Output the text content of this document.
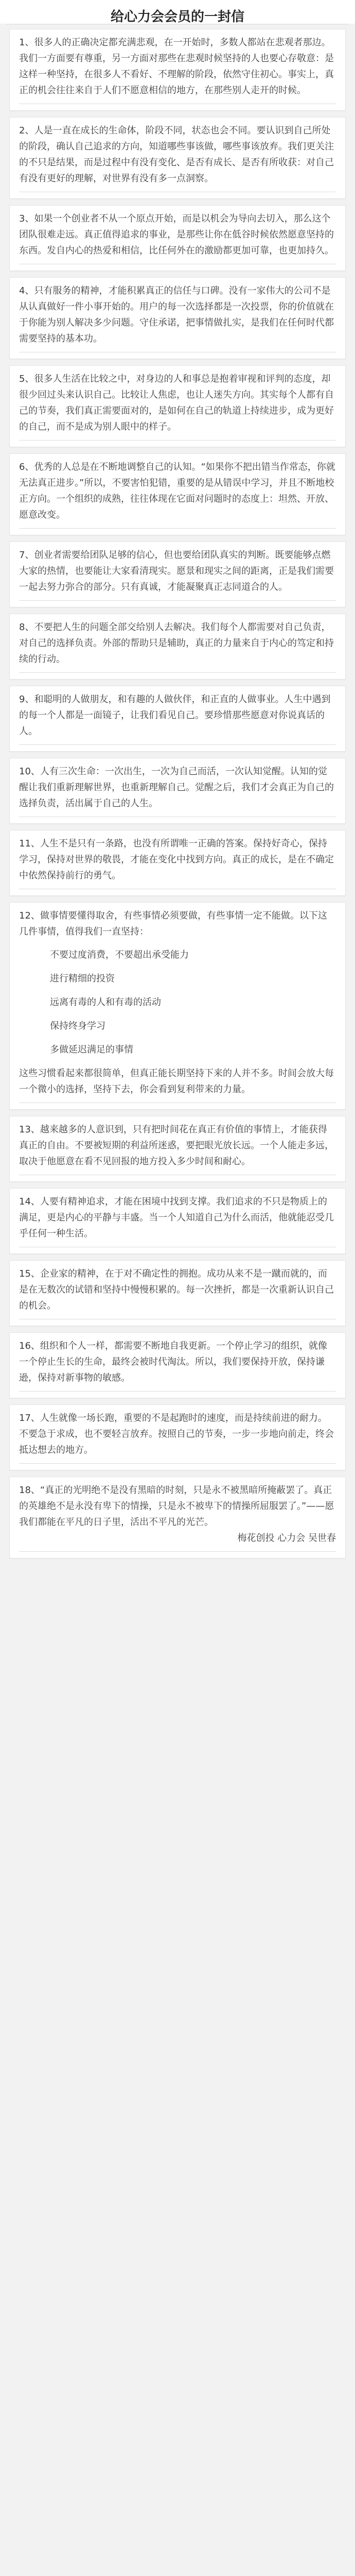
给心力会会员的一封信

1、很多人的正确决定都充满悲观，在一开始时，多数人都站在悲观者那边。我们一方面要有尊重，另一方面对那些在悲观时候坚持的人也要心存敬意：是这样一种坚持，在很多人不看好、不理解的阶段，依然守住初心。事实上，真正的机会往往来自于人们不愿意相信的地方，在那些别人走开的时候。

2、人是一直在成长的生命体，阶段不同，状态也会不同。要认识到自己所处的阶段，确认自己追求的方向，知道哪些事该做，哪些事该放弃。我们更关注的不只是结果，而是过程中有没有变化、是否有成长、是否有所收获：对自己有没有更好的理解，对世界有没有多一点洞察。

3、如果一个创业者不从一个原点开始，而是以机会为导向去切入，那么这个团队很难走远。真正值得追求的事业，是那些让你在低谷时候依然愿意坚持的东西。发自内心的热爱和相信，比任何外在的激励都更加可靠，也更加持久。

4、只有服务的精神，才能积累真正的信任与口碑。没有一家伟大的公司不是从认真做好一件小事开始的。用户的每一次选择都是一次投票，你的价值就在于你能为别人解决多少问题。守住承诺，把事情做扎实，是我们在任何时代都需要坚持的基本功。

5、很多人生活在比较之中，对身边的人和事总是抱着审视和评判的态度，却很少回过头来认识自己。比较让人焦虑，也让人迷失方向。其实每个人都有自己的节奏，我们真正需要面对的，是如何在自己的轨道上持续进步，成为更好的自己，而不是成为别人眼中的样子。

6、优秀的人总是在不断地调整自己的认知。“如果你不把出错当作常态，你就无法真正进步。”所以，不要害怕犯错，重要的是从错误中学习，并且不断地校正方向。一个组织的成熟，往往体现在它面对问题时的态度上：坦然、开放、愿意改变。

7、创业者需要给团队足够的信心，但也要给团队真实的判断。既要能够点燃大家的热情，也要能让大家看清现实。愿景和现实之间的距离，正是我们需要一起去努力弥合的部分。只有真诚，才能凝聚真正志同道合的人。

8、不要把人生的问题全部交给别人去解决。我们每个人都需要对自己负责，对自己的选择负责。外部的帮助只是辅助，真正的力量来自于内心的笃定和持续的行动。

9、和聪明的人做朋友，和有趣的人做伙伴，和正直的人做事业。人生中遇到的每一个人都是一面镜子，让我们看见自己。要珍惜那些愿意对你说真话的人。

10、人有三次生命：一次出生，一次为自己而活，一次认知觉醒。认知的觉醒让我们重新理解世界，也重新理解自己。觉醒之后，我们才会真正为自己的选择负责，活出属于自己的人生。

11、人生不是只有一条路，也没有所谓唯一正确的答案。保持好奇心，保持学习，保持对世界的敬畏，才能在变化中找到方向。真正的成长，是在不确定中依然保持前行的勇气。

12、做事情要懂得取舍，有些事情必须要做，有些事情一定不能做。以下这几件事情，值得我们一直坚持：

不要过度消费，不要超出承受能力
进行精细的投资
远离有毒的人和有毒的活动
保持终身学习
多做延迟满足的事情

这些习惯看起来都很简单，但真正能长期坚持下来的人并不多。时间会放大每一个微小的选择，坚持下去，你会看到复利带来的力量。

13、越来越多的人意识到，只有把时间花在真正有价值的事情上，才能获得真正的自由。不要被短期的利益所迷惑，要把眼光放长远。一个人能走多远，取决于他愿意在看不见回报的地方投入多少时间和耐心。

14、人要有精神追求，才能在困境中找到支撑。我们追求的不只是物质上的满足，更是内心的平静与丰盛。当一个人知道自己为什么而活，他就能忍受几乎任何一种生活。

15、企业家的精神，在于对不确定性的拥抱。成功从来不是一蹴而就的，而是在无数次的试错和坚持中慢慢积累的。每一次挫折，都是一次重新认识自己的机会。

16、组织和个人一样，都需要不断地自我更新。一个停止学习的组织，就像一个停止生长的生命，最终会被时代淘汰。所以，我们要保持开放，保持谦逊，保持对新事物的敏感。

17、人生就像一场长跑，重要的不是起跑时的速度，而是持续前进的耐力。不要急于求成，也不要轻言放弃。按照自己的节奏，一步一步地向前走，终会抵达想去的地方。

18、“真正的光明绝不是没有黑暗的时刻，只是永不被黑暗所掩蔽罢了。真正的英雄绝不是永没有卑下的情操，只是永不被卑下的情操所屈服罢了。”——愿我们都能在平凡的日子里，活出不平凡的光芒。

梅花创投 心力会 吴世春
